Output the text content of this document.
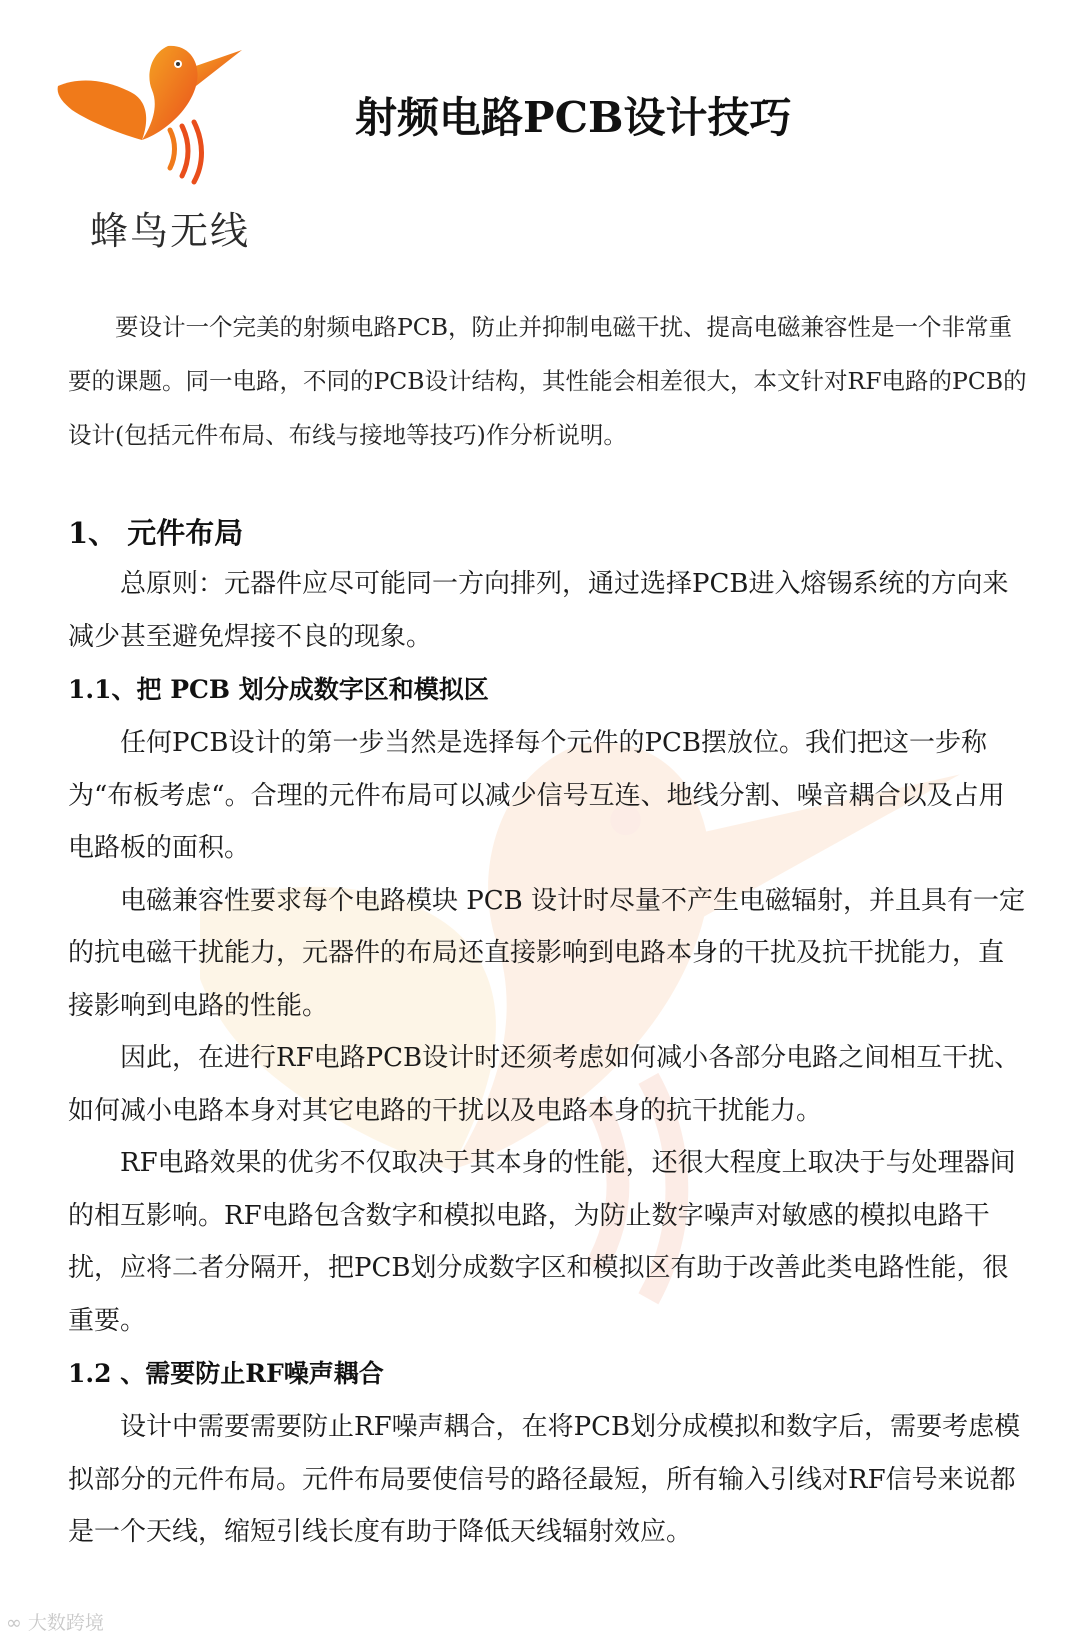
蜂鸟无线
射频电路PCB设计技巧

要设计一个完美的射频电路PCB，防止并抑制电磁干扰、提高电磁兼容性是一个非常重要的课题。同一电路，不同的PCB设计结构，其性能会相差很大，本文针对RF电路的PCB的设计(包括元件布局、布线与接地等技巧)作分析说明。

1、 元件布局

总原则：元器件应尽可能同一方向排列，通过选择PCB进入熔锡系统的方向来减少甚至避免焊接不良的现象。

1.1、把 PCB 划分成数字区和模拟区

任何PCB设计的第一步当然是选择每个元件的PCB摆放位。我们把这一步称为“布板考虑“。合理的元件布局可以减少信号互连、地线分割、噪音耦合以及占用电路板的面积。

电磁兼容性要求每个电路模块 PCB 设计时尽量不产生电磁辐射，并且具有一定的抗电磁干扰能力，元器件的布局还直接影响到电路本身的干扰及抗干扰能力，直接影响到电路的性能。

因此，在进行RF电路PCB设计时还须考虑如何减小各部分电路之间相互干扰、如何减小电路本身对其它电路的干扰以及电路本身的抗干扰能力。

RF电路效果的优劣不仅取决于其本身的性能，还很大程度上取决于与处理器间的相互影响。RF电路包含数字和模拟电路，为防止数字噪声对敏感的模拟电路干扰，应将二者分隔开，把PCB划分成数字区和模拟区有助于改善此类电路性能，很重要。

1.2 、需要防止RF噪声耦合

设计中需要需要防止RF噪声耦合，在将PCB划分成模拟和数字后，需要考虑模拟部分的元件布局。元件布局要使信号的路径最短，所有输入引线对RF信号来说都是一个天线，缩短引线长度有助于降低天线辐射效应。

∞ 大数跨境
